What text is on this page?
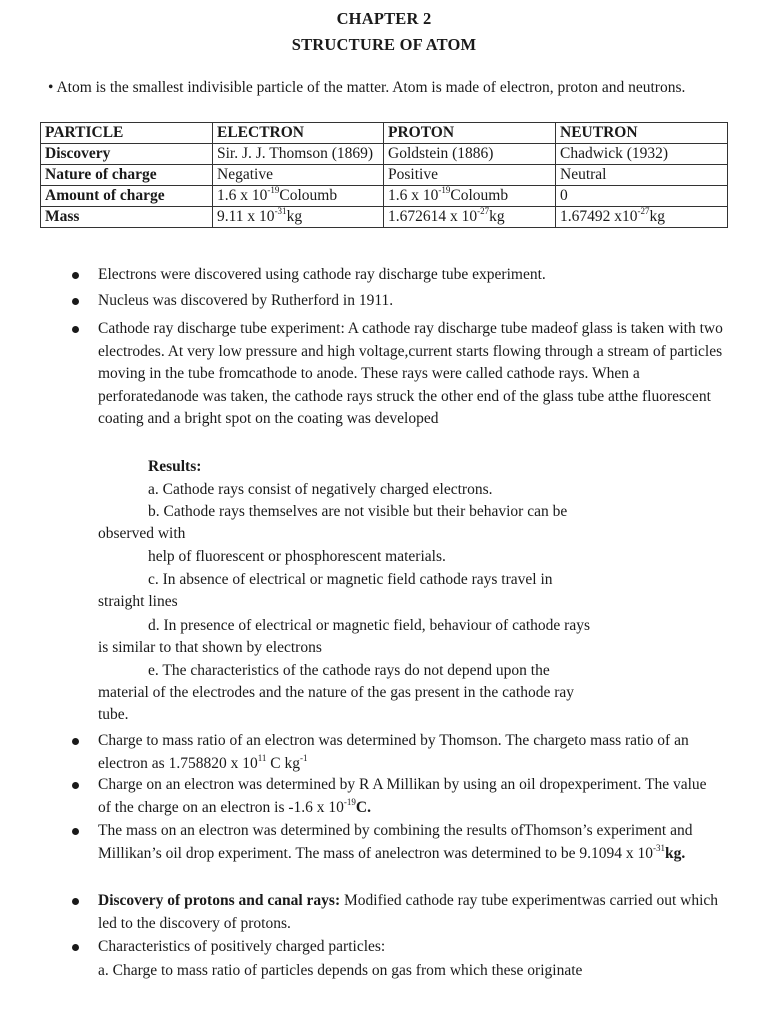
CHAPTER 2
STRUCTURE OF ATOM
• Atom is the smallest indivisible particle of the matter. Atom is made of electron, proton and neutrons.
PARTICLE	ELECTRON	PROTON	NEUTRON
Discovery	Sir. J. J. Thomson (1869)	Goldstein (1886)	Chadwick (1932)
Nature of charge	Negative	Positive	Neutral
Amount of charge	1.6 x $10^{-19}Coloumb$	1.6 x $10^{-19}Coloumb$	0
Mass	9.11 x $10^{-31}kg$	1.672614 x $10^{-27}kg$	1.67492 $x10^{-27}kg$
Electrons were discovered using cathode ray discharge tube experiment.
Nucleus was discovered by Rutherford in 1911.
Cathode ray discharge tube experiment: A cathode ray discharge tube madeof glass is taken with two electrodes. At very low pressure and high voltage,current starts flowing through a stream of particles moving in the tube fromcathode to anode. These rays were called cathode rays. When a perforatedanode was taken, the cathode rays struck the other end of the glass tube atthe fluorescent coating and a bright spot on the coating was developed
Results:
a. Cathode rays consist of negatively charged electrons.
b. Cathode rays themselves are not visible but their behavior can be
observed with
help of fluorescent or phosphorescent materials.
c. In absence of electrical or magnetic field cathode rays travel in
straight lines
d. In presence of electrical or magnetic field, behaviour of cathode rays
is similar to that shown by electrons
e. The characteristics of the cathode rays do not depend upon the
material of the electrodes and the nature of the gas present in the cathode ray
tube.
Charge to mass ratio of an electron was determined by Thomson. The chargeto mass ratio of an electron as 1.758820 x $10^{11}$ C $kg^{-1}$
Charge on an electron was determined by R A Millikan by using an oil dropexperiment. The value of the charge on an electron is -1.6 x $10^{-19}C$.
The mass on an electron was determined by combining the results ofThomson’s experiment and Millikan’s oil drop experiment. The mass of anelectron was determined to be 9.1094 x $10^{-31}kg$.
Discovery of protons and canal rays: Modified cathode ray tube experimentwas carried out which led to the discovery of protons.
Characteristics of positively charged particles:
a. Charge to mass ratio of particles depends on gas from which these originate
